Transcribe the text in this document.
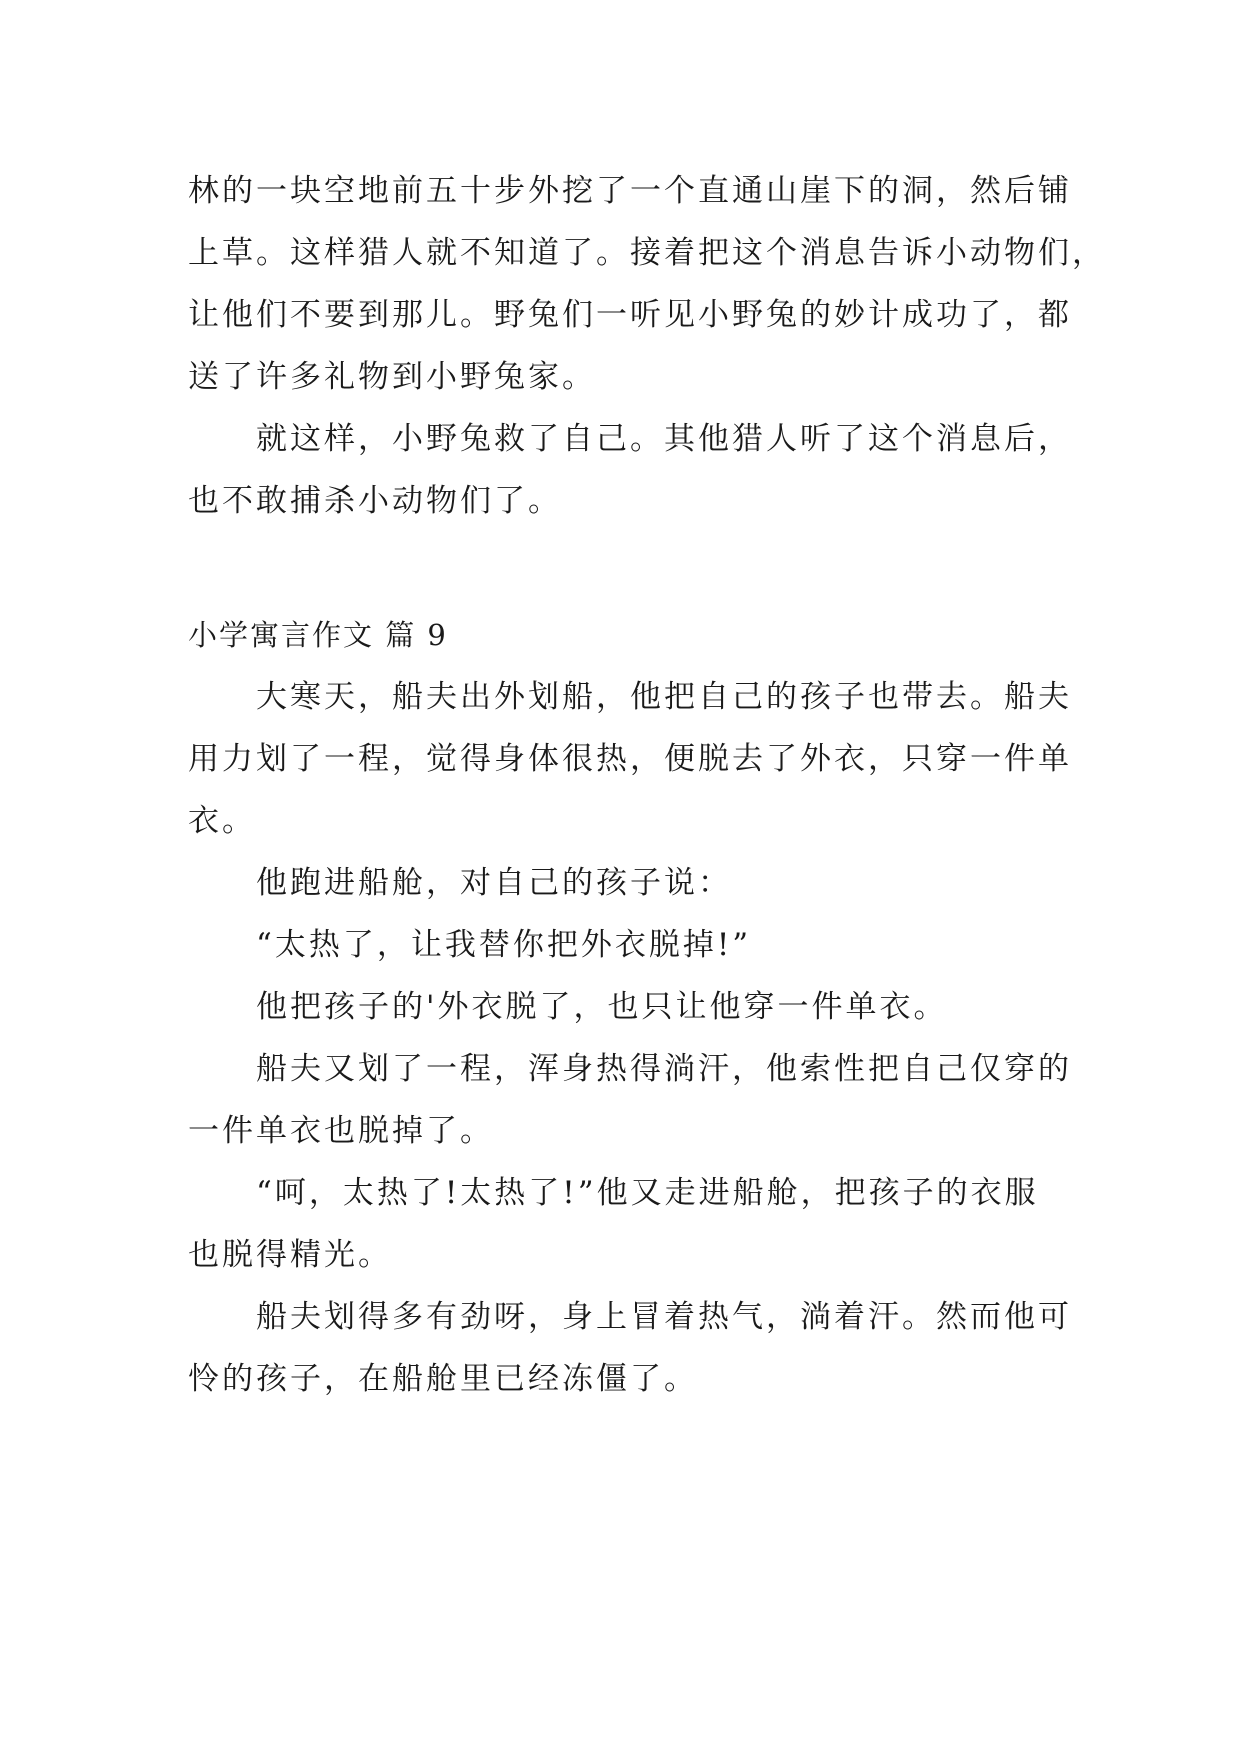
林的一块空地前五十步外挖了一个直通山崖下的洞，然后铺
上草。这样猎人就不知道了。接着把这个消息告诉小动物们，
让他们不要到那儿。野兔们一听见小野兔的妙计成功了，都
送了许多礼物到小野兔家。
就这样，小野兔救了自己。其他猎人听了这个消息后，
也不敢捕杀小动物们了。
小学寓言作文 篇 9
大寒天，船夫出外划船，他把自己的孩子也带去。船夫
用力划了一程，觉得身体很热，便脱去了外衣，只穿一件单
衣。
他跑进船舱，对自己的孩子说：
“太热了，让我替你把外衣脱掉!”
他把孩子的'外衣脱了，也只让他穿一件单衣。
船夫又划了一程，浑身热得淌汗，他索性把自己仅穿的
一件单衣也脱掉了。
“呵，太热了!太热了!”他又走进船舱，把孩子的衣服
也脱得精光。
船夫划得多有劲呀，身上冒着热气，淌着汗。然而他可
怜的孩子，在船舱里已经冻僵了。
